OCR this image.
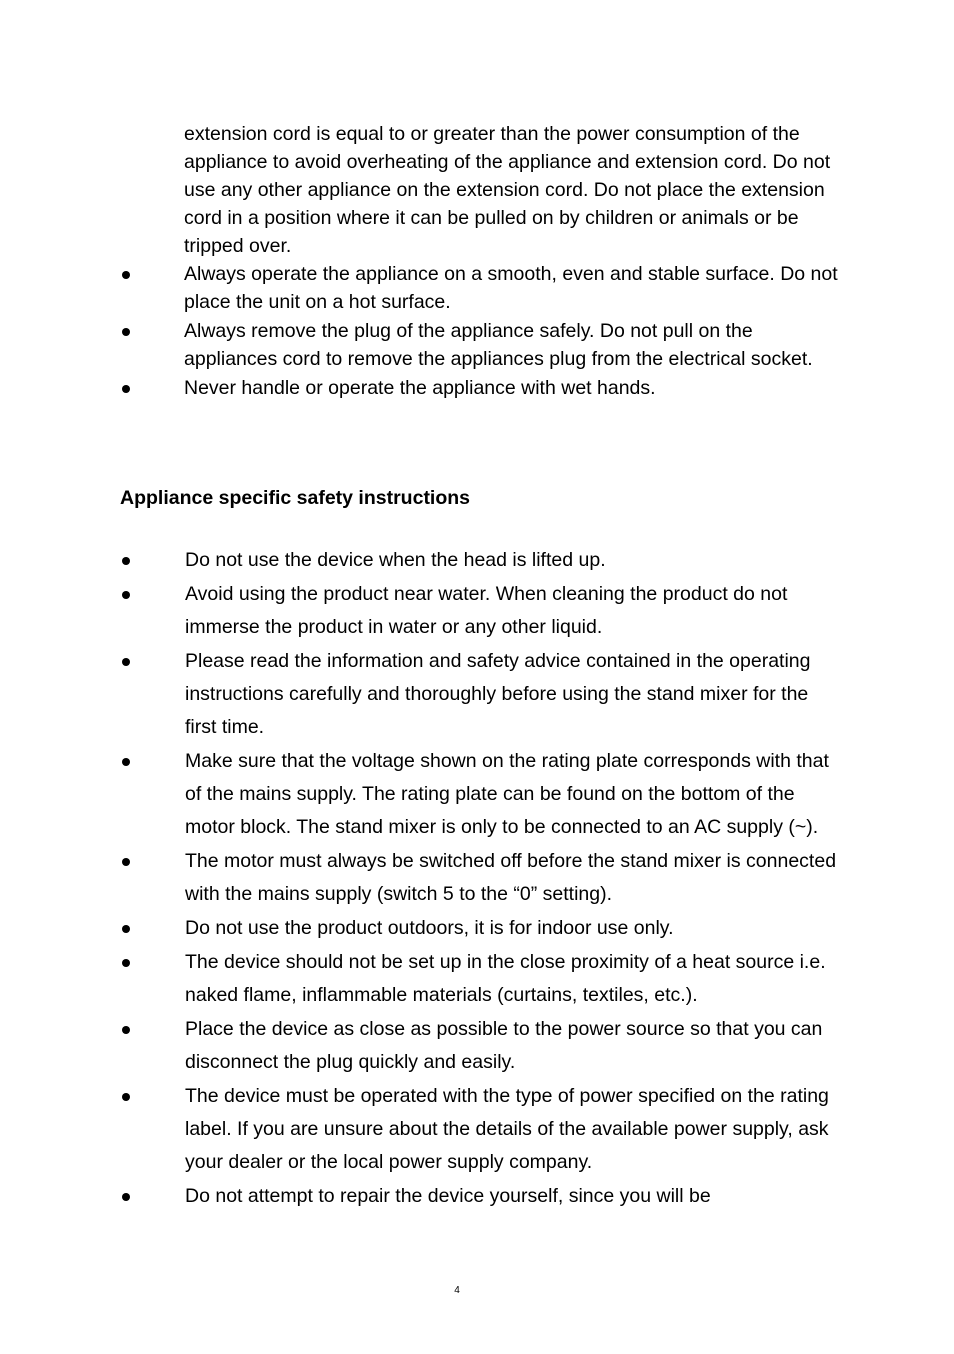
extension cord is equal to or greater than the power consumption of the appliance to avoid overheating of the appliance and extension cord. Do not use any other appliance on the extension cord. Do not place the extension cord in a position where it can be pulled on by children or animals or be tripped over.

Always operate the appliance on a smooth, even and stable surface. Do not place the unit on a hot surface.
Always remove the plug of the appliance safely. Do not pull on the appliances cord to remove the appliances plug from the electrical socket.
Never handle or operate the appliance with wet hands.
Appliance specific safety instructions
Do not use the device when the head is lifted up.
Avoid using the product near water. When cleaning the product do not immerse the product in water or any other liquid.
Please read the information and safety advice contained in the operating instructions carefully and thoroughly before using the stand mixer for the first time.
Make sure that the voltage shown on the rating plate corresponds with that of the mains supply. The rating plate can be found on the bottom of the motor block. The stand mixer is only to be connected to an AC supply (~).
The motor must always be switched off before the stand mixer is connected with the mains supply (switch 5 to the “0” setting).
Do not use the product outdoors, it is for indoor use only.
The device should not be set up in the close proximity of a heat source i.e. naked flame, inflammable materials (curtains, textiles, etc.).
Place the device as close as possible to the power source so that you can disconnect the plug quickly and easily.
The device must be operated with the type of power specified on the rating label. If you are unsure about the details of the available power supply, ask your dealer or the local power supply company.
Do not attempt to repair the device yourself, since you will be
4
